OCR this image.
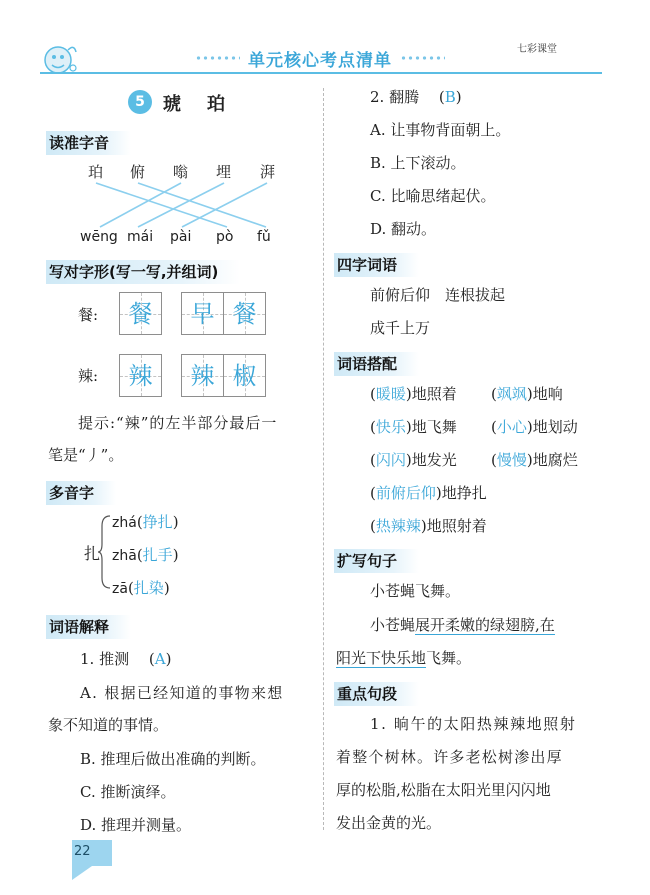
单元核心考点清单
七彩课堂
5	琥珀
读准字音
珀 俯 嗡 埋 湃
wēng mái pài pò fǔ
写对字形(写一写,并组词)
餐:	餐	早 餐
辣:	辣	辣 椒
提示:“辣”的左半部分最后一
笔是“丿”。
多音字
扎
zhá(挣扎)
zhā(扎手)
zā(扎染)
词语解释
1. 推测　 (A)
A. 根据已经知道的事物来想
象不知道的事情。
B. 推理后做出准确的判断。
C. 推断演绎。
D. 推理并测量。
22
2. 翻腾　 (B)
A. 让事物背面朝上。
B. 上下滚动。
C. 比喻思绪起伏。
D. 翻动。
四字词语
前俯后仰　连根拔起
成千上万
词语搭配
(暖暖)地照着 (飒飒)地响
(快乐)地飞舞 (小心)地划动
(闪闪)地发光 (慢慢)地腐烂
(前俯后仰)地挣扎
(热辣辣)地照射着
扩写句子
小苍蝇飞舞。
小苍蝇展开柔嫩的绿翅膀,在
阳光下快乐地飞舞。
重点句段
1. 晌午的太阳热辣辣地照射
着整个树林。许多老松树渗出厚
厚的松脂,松脂在太阳光里闪闪地
发出金黄的光。
